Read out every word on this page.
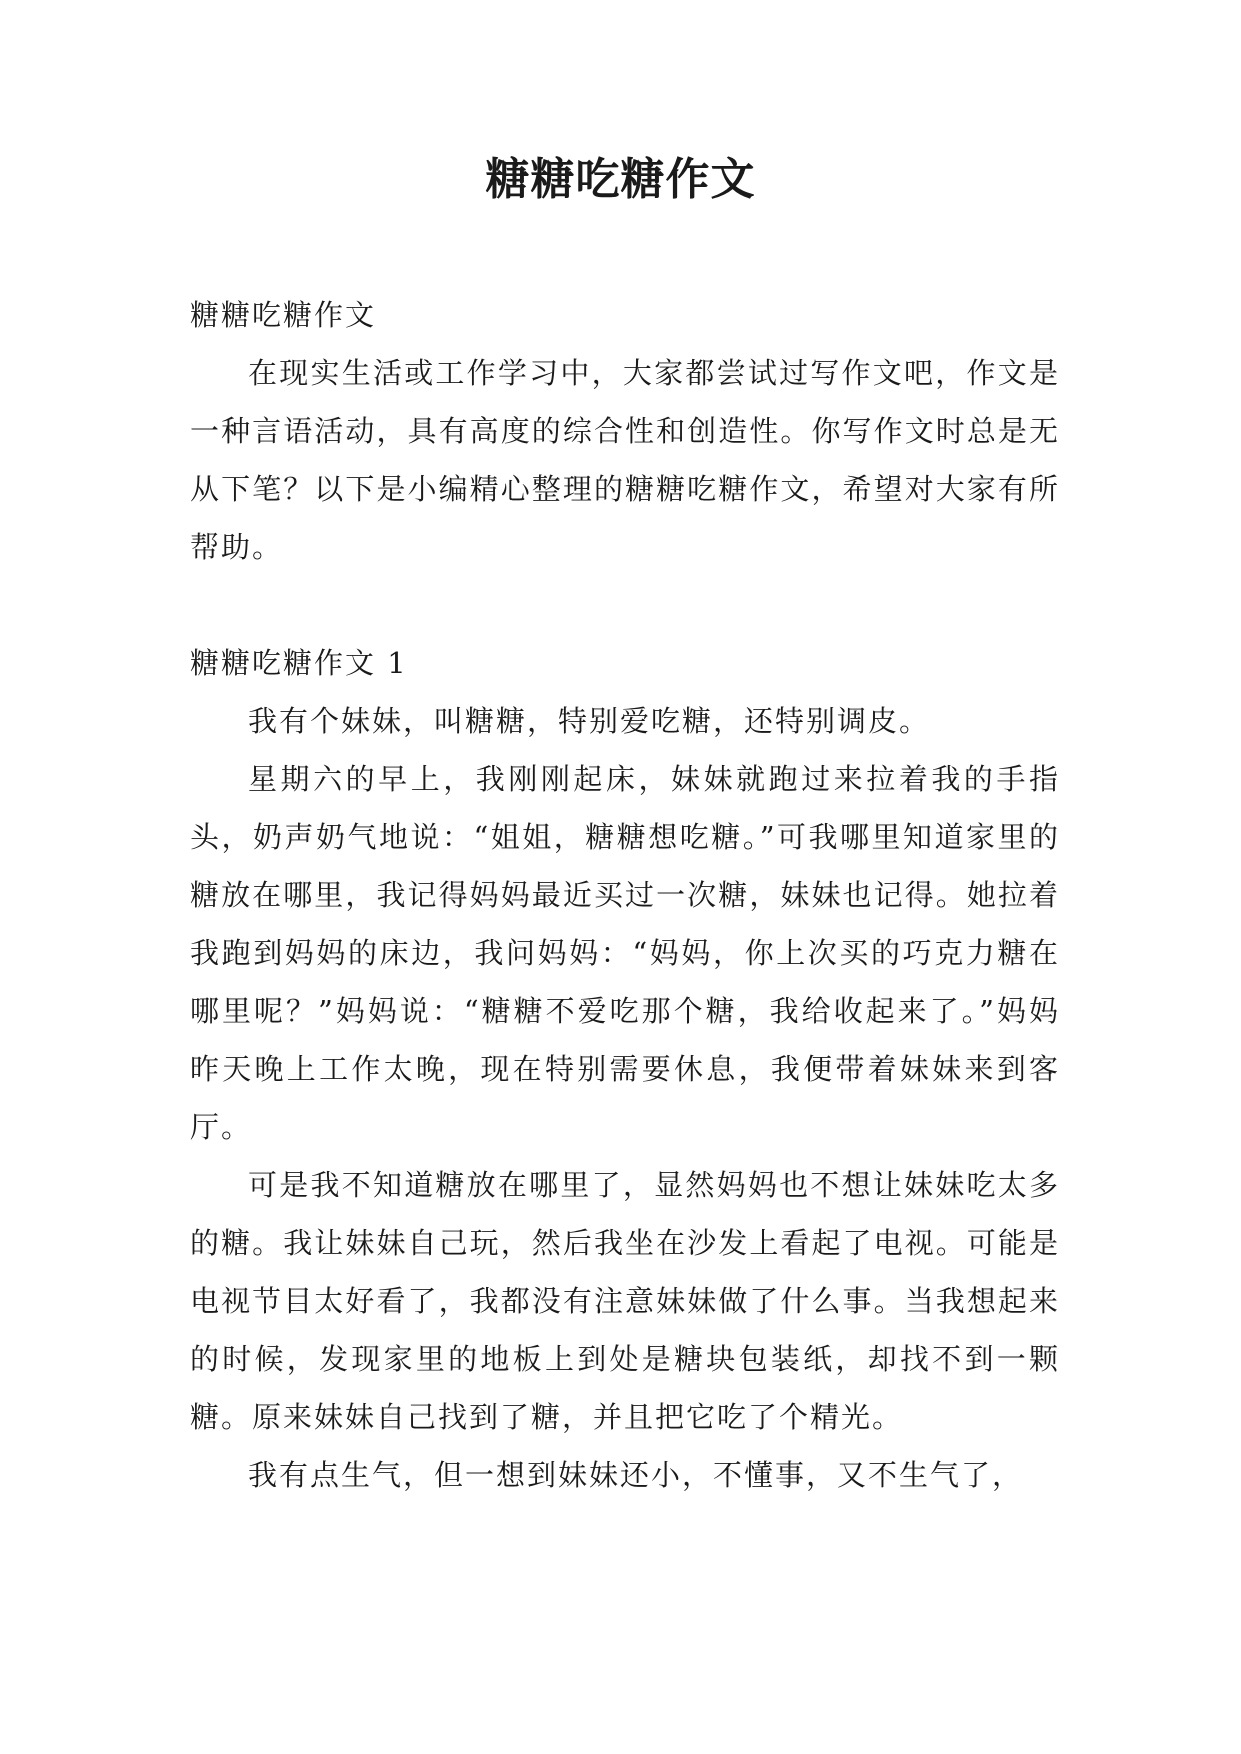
糖糖吃糖作文

糖糖吃糖作文

在现实生活或工作学习中，大家都尝试过写作文吧，作文是一种言语活动，具有高度的综合性和创造性。你写作文时总是无从下笔？以下是小编精心整理的糖糖吃糖作文，希望对大家有所帮助。

糖糖吃糖作文 1

我有个妹妹，叫糖糖，特别爱吃糖，还特别调皮。

星期六的早上，我刚刚起床，妹妹就跑过来拉着我的手指头，奶声奶气地说：“姐姐，糖糖想吃糖。”可我哪里知道家里的糖放在哪里，我记得妈妈最近买过一次糖，妹妹也记得。她拉着我跑到妈妈的床边，我问妈妈：“妈妈，你上次买的巧克力糖在哪里呢？”妈妈说：“糖糖不爱吃那个糖，我给收起来了。”妈妈昨天晚上工作太晚，现在特别需要休息，我便带着妹妹来到客厅。

可是我不知道糖放在哪里了，显然妈妈也不想让妹妹吃太多的糖。我让妹妹自己玩，然后我坐在沙发上看起了电视。可能是电视节目太好看了，我都没有注意妹妹做了什么事。当我想起来的时候，发现家里的地板上到处是糖块包装纸，却找不到一颗糖。原来妹妹自己找到了糖，并且把它吃了个精光。

我有点生气，但一想到妹妹还小，不懂事，又不生气了，
